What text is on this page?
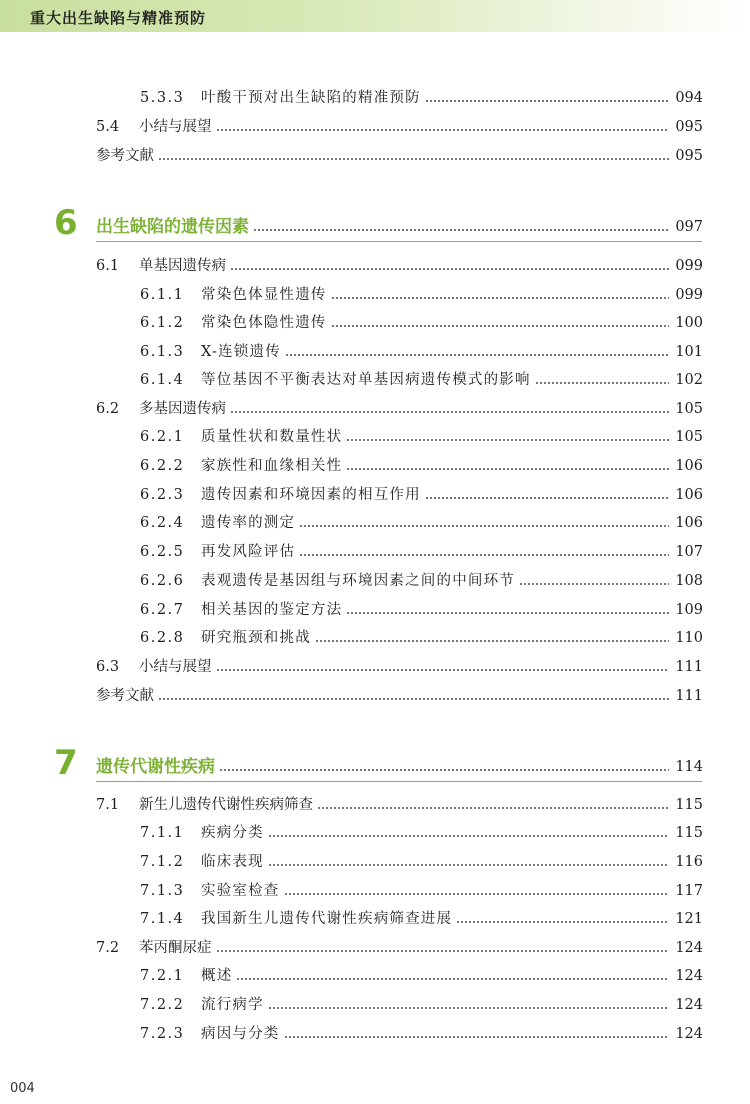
重大出生缺陷与精准预防
5.3.3 叶酸干预对出生缺陷的精准预防	094
5.4 小结与展望	095
参考文献	095
6 出生缺陷的遗传因素	097
6.1 单基因遗传病	099
6.1.1 常染色体显性遗传	099
6.1.2 常染色体隐性遗传	100
6.1.3 X-连锁遗传	101
6.1.4 等位基因不平衡表达对单基因病遗传模式的影响	102
6.2 多基因遗传病	105
6.2.1 质量性状和数量性状	105
6.2.2 家族性和血缘相关性	106
6.2.3 遗传因素和环境因素的相互作用	106
6.2.4 遗传率的测定	106
6.2.5 再发风险评估	107
6.2.6 表观遗传是基因组与环境因素之间的中间环节	108
6.2.7 相关基因的鉴定方法	109
6.2.8 研究瓶颈和挑战	110
6.3 小结与展望	111
参考文献	111
7 遗传代谢性疾病	114
7.1 新生儿遗传代谢性疾病筛查	115
7.1.1 疾病分类	115
7.1.2 临床表现	116
7.1.3 实验室检查	117
7.1.4 我国新生儿遗传代谢性疾病筛查进展	121
7.2 苯丙酮尿症	124
7.2.1 概述	124
7.2.2 流行病学	124
7.2.3 病因与分类	124
004
